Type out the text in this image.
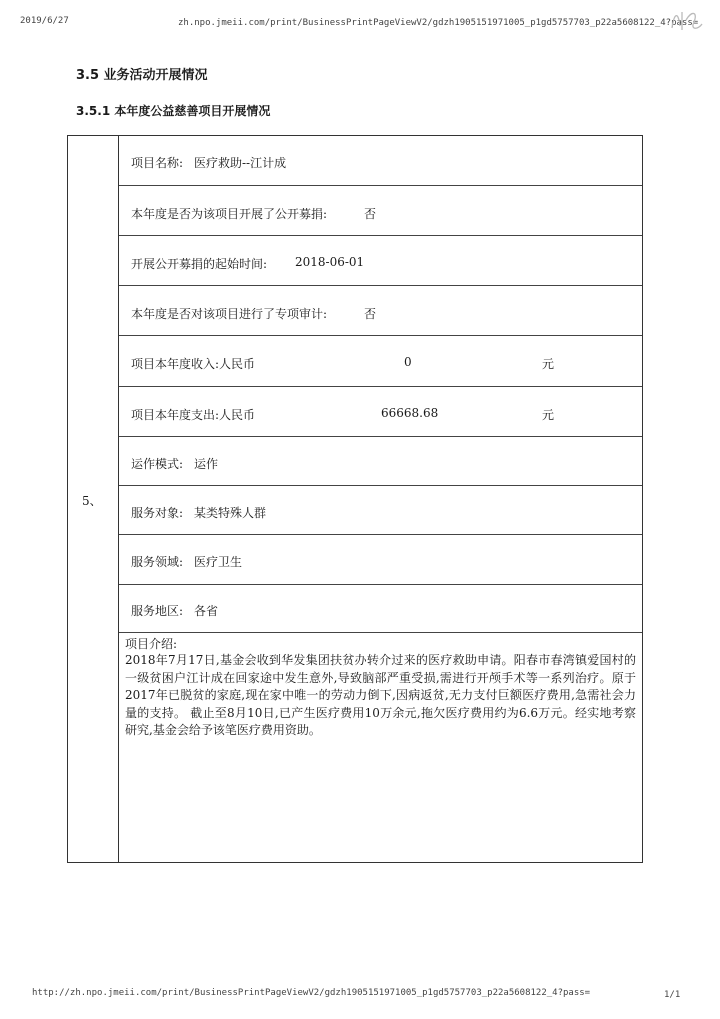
2019/6/27	zh.npo.jmeii.com/print/BusinessPrintPageViewV2/gdzh1905151971005_p1gd5757703_p22a5608122_4?pass=
3.5 业务活动开展情况
3.5.1 本年度公益慈善项目开展情况
5、
项目名称: 医疗救助--江计成
本年度是否为该项目开展了公开募捐:	否
开展公开募捐的起始时间: 2018-06-01
本年度是否对该项目进行了专项审计:	否
项目本年度收入:人民币	0	元
项目本年度支出:人民币	66668.68	元
运作模式: 运作
服务对象: 某类特殊人群
服务领域: 医疗卫生
服务地区: 各省
项目介绍:
2018年7月17日,基金会收到华发集团扶贫办转介过来的医疗救助申请。阳春市春湾镇爱国村的一级贫困户江计成在回家途中发生意外,导致脑部严重受损,需进行开颅手术等一系列治疗。原于2017年已脱贫的家庭,现在家中唯一的劳动力倒下,因病返贫,无力支付巨额医疗费用,急需社会力量的支持。 截止至8月10日,已产生医疗费用10万余元,拖欠医疗费用约为6.6万元。经实地考察研究,基金会给予该笔医疗费用资助。
http://zh.npo.jmeii.com/print/BusinessPrintPageViewV2/gdzh1905151971005_p1gd5757703_p22a5608122_4?pass=	1/1
